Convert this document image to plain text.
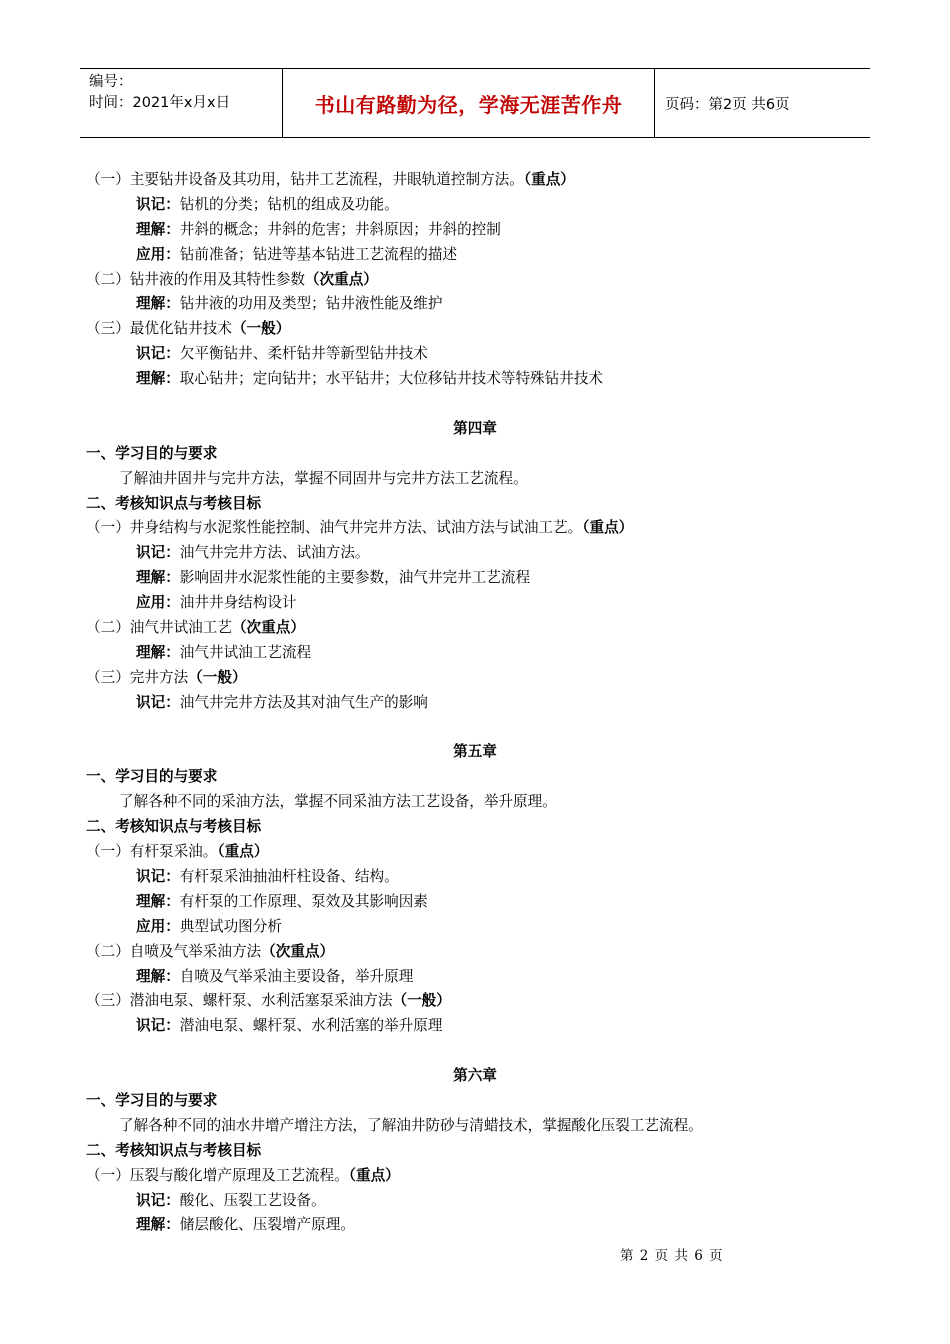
编号：
时间：2021年x月x日	书山有路勤为径，学海无涯苦作舟	页码：第2页 共6页
（一）主要钻井设备及其功用，钻井工艺流程，井眼轨道控制方法。（重点）
识记：钻机的分类；钻机的组成及功能。
理解：井斜的概念；井斜的危害；井斜原因；井斜的控制
应用：钻前准备；钻进等基本钻进工艺流程的描述
（二）钻井液的作用及其特性参数（次重点）
理解：钻井液的功用及类型；钻井液性能及维护
（三）最优化钻井技术（一般）
识记：欠平衡钻井、柔杆钻井等新型钻井技术
理解：取心钻井；定向钻井；水平钻井；大位移钻井技术等特殊钻井技术
第四章
一、学习目的与要求
了解油井固井与完井方法，掌握不同固井与完井方法工艺流程。
二、考核知识点与考核目标
（一）井身结构与水泥浆性能控制、油气井完井方法、试油方法与试油工艺。（重点）
识记：油气井完井方法、试油方法。
理解：影响固井水泥浆性能的主要参数，油气井完井工艺流程
应用：油井井身结构设计
（二）油气井试油工艺（次重点）
理解：油气井试油工艺流程
（三）完井方法（一般）
识记：油气井完井方法及其对油气生产的影响
第五章
一、学习目的与要求
了解各种不同的采油方法，掌握不同采油方法工艺设备，举升原理。
二、考核知识点与考核目标
（一）有杆泵采油。（重点）
识记：有杆泵采油抽油杆柱设备、结构。
理解：有杆泵的工作原理、泵效及其影响因素
应用：典型试功图分析
（二）自喷及气举采油方法（次重点）
理解：自喷及气举采油主要设备，举升原理
（三）潜油电泵、螺杆泵、水利活塞泵采油方法（一般）
识记：潜油电泵、螺杆泵、水利活塞的举升原理
第六章
一、学习目的与要求
了解各种不同的油水井增产增注方法，了解油井防砂与清蜡技术，掌握酸化压裂工艺流程。
二、考核知识点与考核目标
（一）压裂与酸化增产原理及工艺流程。（重点）
识记：酸化、压裂工艺设备。
理解：储层酸化、压裂增产原理。
第 2 页 共 6 页
